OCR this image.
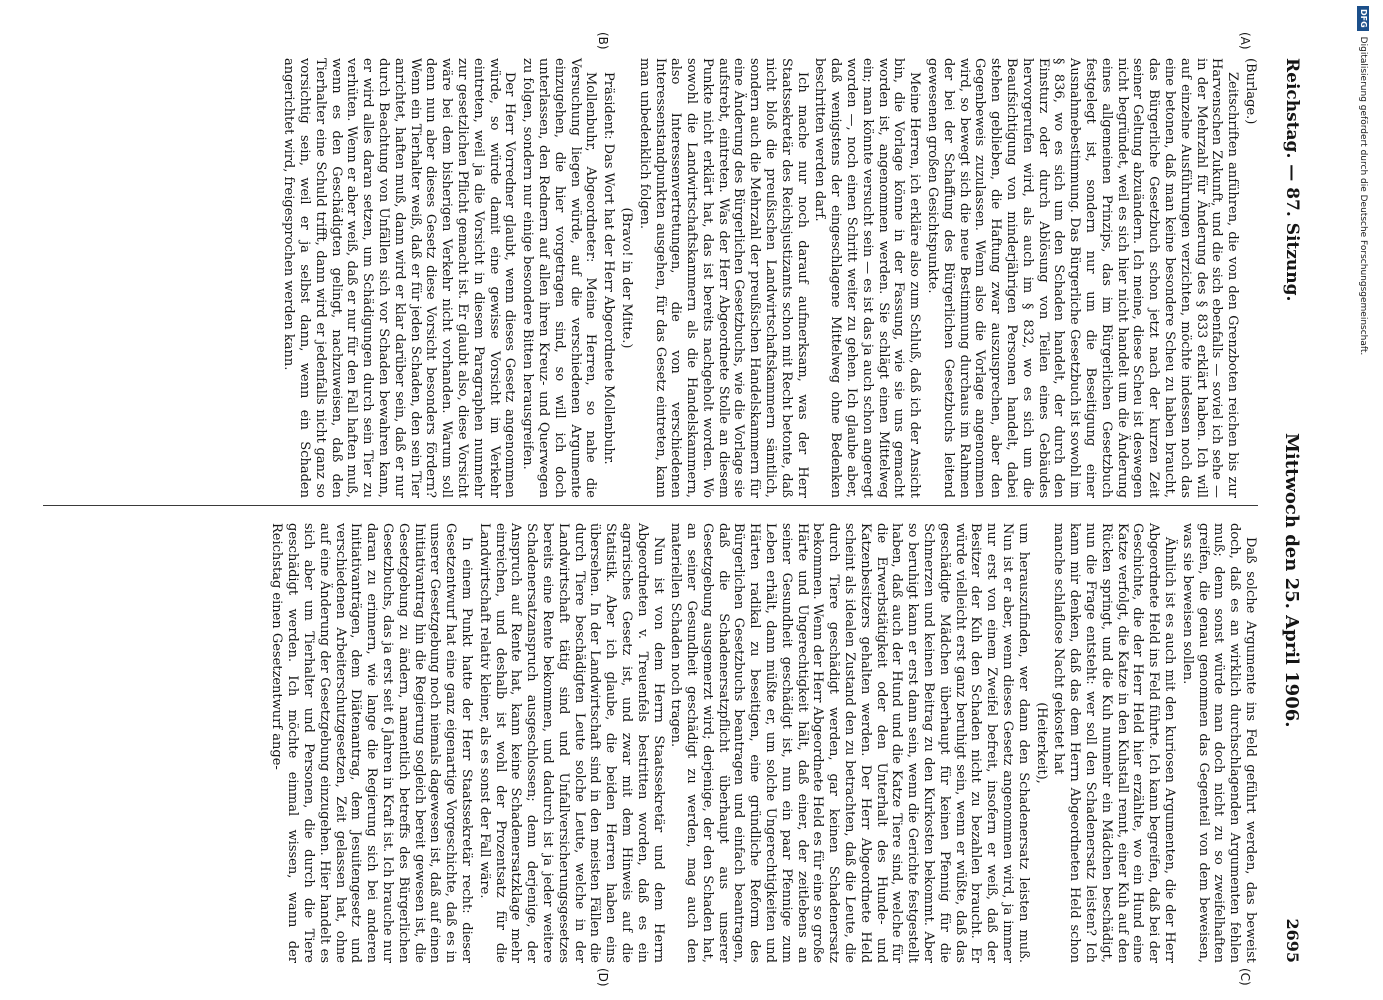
Reichstag. — 87. Sitzung.
Mittwoch den 25. April 1906.
2695
(A)
(B)
(C)
(D)

(Burlage.)

Zeitschriften anführen, die von den Grenzboten reichen bis zur Harvenschen Zukunft, und die sich ebenfalls — soviel ich sehe — in der Mehrzahl für Änderung des § 833 erklärt haben. Ich will auf einzelne Ausführungen verzichten, möchte indessen noch das eine betonen, daß man keine besondere Scheu zu haben braucht, das Bürgerliche Gesetzbuch schon jetzt nach der kurzen Zeit seiner Geltung abzuändern. Ich meine, diese Scheu ist deswegen nicht begründet, weil es sich hier nicht handelt um die Änderung eines allgemeinen Prinzips, das im Bürgerlichen Gesetzbuch festgelegt ist, sondern nur um die Beseitigung einer Ausnahmebestimmung. Das Bürgerliche Gesetzbuch ist sowohl im § 836, wo es sich um den Schaden handelt, der durch den Einsturz oder durch Ablösung von Teilen eines Gebäudes hervorgerufen wird, als auch im § 832, wo es sich um die Beaufsichtigung von minderjährigen Personen handelt, dabei stehen geblieben, die Haftung zwar auszusprechen, aber den Gegenbeweis zuzulassen. Wenn also die Vorlage angenommen wird, so bewegt sich die neue Bestimmung durchaus im Rahmen der bei der Schaffung des Bürgerlichen Gesetzbuchs leitend gewesenen großen Gesichtspunkte.

Meine Herren, ich erkläre also zum Schluß, daß ich der Ansicht bin, die Vorlage könne in der Fassung, wie sie uns gemacht worden ist, angenommen werden. Sie schlägt einen Mittelweg ein; man könnte versucht sein — es ist das ja auch schon angeregt worden —, noch einen Schritt weiter zu gehen. Ich glaube aber, daß wenigstens der eingeschlagene Mittelweg ohne Bedenken beschritten werden darf.

Ich mache nur noch darauf aufmerksam, was der Herr Staatssekretär des Reichsjustizamts schon mit Recht betonte, daß nicht bloß die preußischen Landwirtschaftskammern sämtlich, sondern auch die Mehrzahl der preußischen Handelskammern für eine Änderung des Bürgerlichen Gesetzbuchs, wie die Vorlage sie aufstrebt, eintreten. Was der Herr Abgeordnete Stolle an diesem Punkte nicht erklärt hat, das ist bereits nachgeholt worden. Wo sowohl die Landwirtschaftskammern als die Handelskammern, also Interessenvertretungen, die von verschiedenen Interessenstandpunkten ausgehen, für das Gesetz eintreten, kann man unbedenklich folgen.

(Bravo! in der Mitte.)

Präsident: Das Wort hat der Herr Abgeordnete Mollenbuhr.

Mollenbuhr, Abgeordneter: Meine Herren, so nahe die Versuchung liegen würde, auf die verschiedenen Argumente einzugehen, die hier vorgetragen sind, so will ich doch unterlassen, den Rednern auf allen ihren Kreuz- und Querwegen zu folgen, sondern nur einige besondere Bitten herausgreifen.

Der Herr Vorredner glaubt, wenn dieses Gesetz angenommen würde, so würde damit eine gewisse Vorsicht im Verkehr eintreten, weil ja die Vorsicht in diesem Paragraphen nunmehr zur gesetzlichen Pflicht gemacht ist. Er glaubt also, diese Vorsicht wäre bei dem bisherigen Verkehr nicht vorhanden. Warum soll denn nun aber dieses Gesetz diese Vorsicht besonders fördern? Wenn ein Tierhalter weiß, daß er für jeden Schaden, den sein Tier anrichtet, haften muß, dann wird er klar darüber sein, daß er nur durch Beachtung von Unfällen sich vor Schaden bewahren kann, er wird alles daran setzen, um Schädigungen durch sein Tier zu verhüten. Wenn er aber weiß, daß er nur für den Fall haften muß, wenn es den Geschädigten gelingt, nachzuweisen, daß den Tierhalter eine Schuld trifft, dann wird er jedenfalls nicht ganz so vorsichtig sein, weil er ja selbst dann, wenn ein Schaden angerichtet wird, freigesprochen werden kann.

Daß solche Argumente ins Feld geführt werden, das beweist doch, daß es an wirklich durchschlagenden Argumenten fehlen muß; denn sonst würde man doch nicht zu so zweifelhaften greifen, die genau genommen das Gegenteil von dem beweisen, was sie beweisen sollen.

Ähnlich ist es auch mit den kuriosen Argumenten, die der Herr Abgeordnete Held ins Feld führte. Ich kann begreifen, daß bei der Geschichte, die der Herr Held hier erzählte, wo ein Hund eine Katze verfolgt, die Katze in den Kuhstall rennt, einer Kuh auf den Rücken springt, und die Kuh nunmehr ein Mädchen beschädigt, nun die Frage entsteht: wer soll den Schadenersatz leisten? Ich kann mir denken, daß das dem Herrn Abgeordneten Held schon manche schlaflose Nacht gekostet hat

(Heiterkeit),

um herauszufinden, wer dann den Schadenersatz leisten muß. Nun ist er aber, wenn dieses Gesetz angenommen wird, ja immer nur erst von einem Zweifel befreit, insofern er weiß, daß der Besitzer der Kuh den Schaden nicht zu bezahlen braucht. Er würde vielleicht erst ganz beruhigt sein, wenn er wüßte, daß das geschädigte Mädchen überhaupt für keinen Pfennig für die Schmerzen und keinen Beitrag zu den Kurkosten bekommt. Aber so beruhigt kann er erst dann sein, wenn die Gerichte festgestellt haben, daß auch der Hund und die Katze Tiere sind, welche für die Erwerbstätigkeit oder den Unterhalt des Hunde- und Katzenbesitzers gehalten werden. Der Herr Abgeordnete Held scheint als idealen Zustand den zu betrachten, daß die Leute, die durch Tiere geschädigt werden, gar keinen Schadenersatz bekommen. Wenn der Herr Abgeordnete Held es für eine so große Härte und Ungerechtigkeit hält, daß einer, der zeitlebens an seiner Gesundheit geschädigt ist, nun ein paar Pfennige zum Leben erhält, dann müßte er, um solche Ungerechtigkeiten und Härten radikal zu beseitigen, eine gründliche Reform des Bürgerlichen Gesetzbuchs beantragen und einfach beantragen, daß die Schadenersatzpflicht überhaupt aus unserer Gesetzgebung ausgemerzt wird; derjenige, der den Schaden hat, an seiner Gesundheit geschädigt zu werden, mag auch den materiellen Schaden noch tragen.

Nun ist von dem Herrn Staatssekretär und dem Herrn Abgeordneten v. Treuenfels bestritten worden, daß es ein agrarisches Gesetz ist, und zwar mit dem Hinweis auf die Statistik. Aber ich glaube, die beiden Herren haben eins übersehen. In der Landwirtschaft sind in den meisten Fällen die durch Tiere beschädigten Leute solche Leute, welche in der Landwirtschaft tätig sind und Unfallversicherungsgesetzes bereits eine Rente bekommen, und dadurch ist ja jeder weitere Schadenersatzanspruch ausgeschlossen; denn derjenige, der Anspruch auf Rente hat, kann keine Schadenersatzklage mehr einreichen, und deshalb ist wohl der Prozentsatz für die Landwirtschaft relativ kleiner, als es sonst der Fall wäre.

In einem Punkt hatte der Herr Staatssekretär recht: dieser Gesetzentwurf hat eine ganz eigenartige Vorgeschichte, daß es in unserer Gesetzgebung noch niemals dagewesen ist, daß auf einen Initiativantrag hin die Regierung sogleich bereit gewesen ist, die Gesetzgebung zu ändern, namentlich betreffs des Bürgerlichen Gesetzbuchs, das ja erst seit 6 Jahren in Kraft ist. Ich brauche nur daran zu erinnern, wie lange die Regierung sich bei anderen Initiativanträgen, dem Diätenantrag, dem Jesuitengesetz und verschiedenen Arbeiterschutzgesetzen, Zeit gelassen hat, ohne auf eine Änderung der Gesetzgebung einzugehen. Hier handelt es sich aber um Tierhalter und Personen, die durch die Tiere geschädigt werden. Ich möchte einmal wissen, wann der Reichstag einen Gesetzentwurf ange-

DFG
Digitalisierung gefördert durch die Deutsche Forschungsgemeinschaft.
